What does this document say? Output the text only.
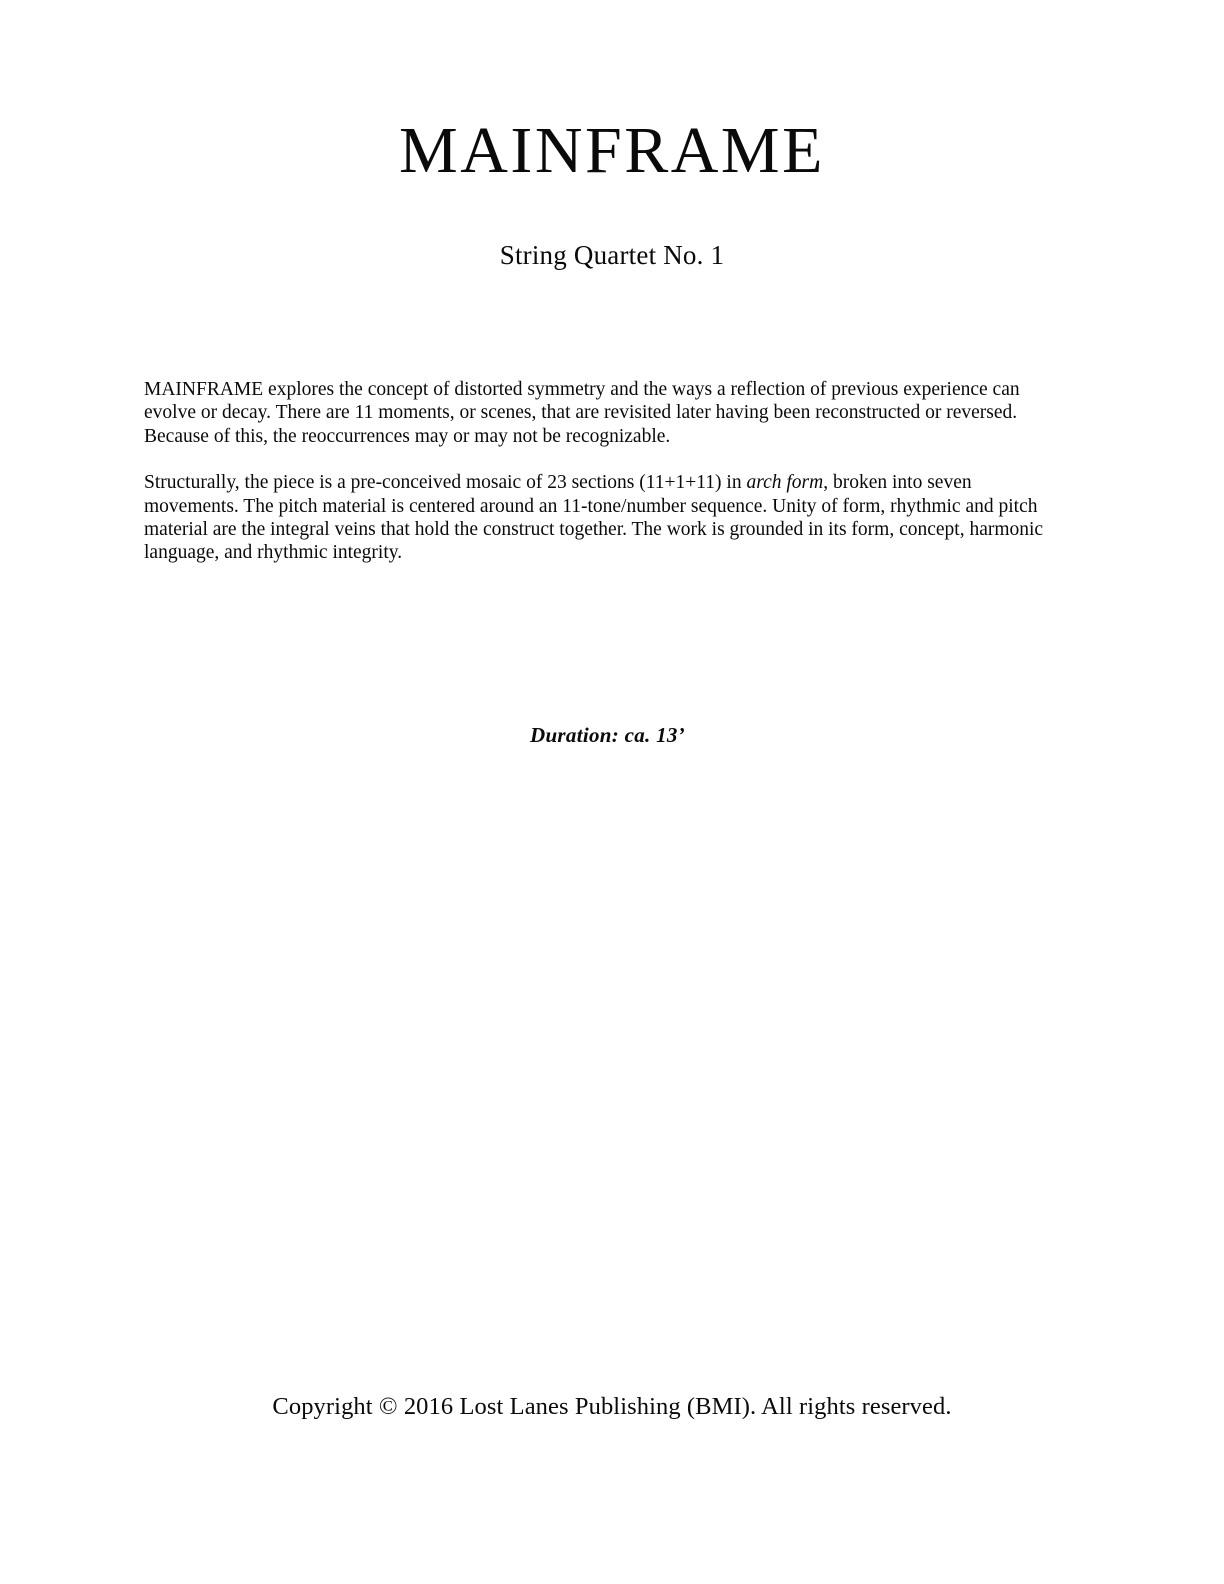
MAINFRAME
String Quartet No. 1

MAINFRAME explores the concept of distorted symmetry and the ways a reflection of previous experience can evolve or decay. There are 11 moments, or scenes, that are revisited later having been reconstructed or reversed. Because of this, the reoccurrences may or may not be recognizable.

Structurally, the piece is a pre-conceived mosaic of 23 sections (11+1+11) in arch form, broken into seven movements. The pitch material is centered around an 11-tone/number sequence. Unity of form, rhythmic and pitch material are the integral veins that hold the construct together. The work is grounded in its form, concept, harmonic language, and rhythmic integrity.

Duration: ca. 13’
Copyright © 2016 Lost Lanes Publishing (BMI). All rights reserved.
